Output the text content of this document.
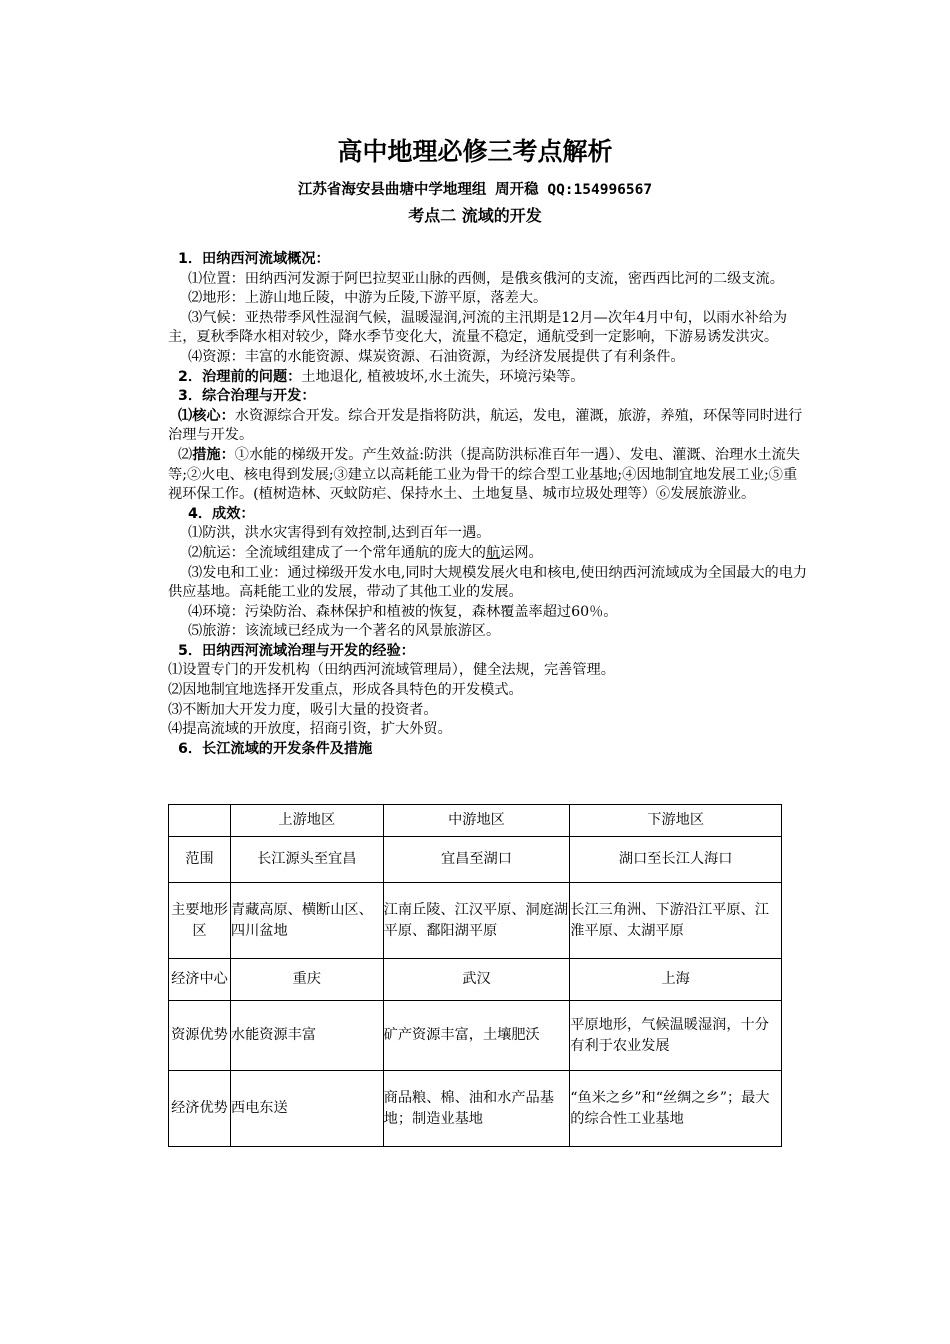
高中地理必修三考点解析
江苏省海安县曲塘中学地理组 周开稳 QQ:154996567
考点二 流域的开发

1．田纳西河流域概况：

⑴位置：田纳西河发源于阿巴拉契亚山脉的西侧，是俄亥俄河的支流，密西西比河的二级支流。

⑵地形：上游山地丘陵，中游为丘陵,下游平原，落差大。

⑶气候：亚热带季风性湿润气候，温暖湿润,河流的主汛期是12月—次年4月中旬，以雨水补给为主，夏秋季降水相对较少，降水季节变化大，流量不稳定，通航受到一定影响，下游易诱发洪灾。

⑷资源：丰富的水能资源、煤炭资源、石油资源，为经济发展提供了有利条件。

2．治理前的问题：土地退化, 植被坡坏,水土流失，环境污染等。

3．综合治理与开发：

⑴核心：水资源综合开发。综合开发是指将防洪，航运，发电，灌溉，旅游，养殖，环保等同时进行治理与开发。

⑵措施：①水能的梯级开发。产生效益:防洪（提高防洪标准百年一遇）、发电、灌溉、治理水土流失等;②火电、核电得到发展;③建立以高耗能工业为骨干的综合型工业基地;④因地制宜地发展工业;⑤重视环保工作。(植树造林、灭蚊防疟、保持水土、土地复垦、城市垃圾处理等）⑥发展旅游业。

4．成效：

⑴防洪，洪水灾害得到有效控制,达到百年一遇。

⑵航运：全流域组建成了一个常年通航的庞大的航运网。

⑶发电和工业：通过梯级开发水电,同时大规模发展火电和核电,使田纳西河流域成为全国最大的电力供应基地。高耗能工业的发展，带动了其他工业的发展。

⑷环境：污染防治、森林保护和植被的恢复，森林覆盖率超过60％。

⑸旅游：该流域已经成为一个著名的风景旅游区。

5．田纳西河流域治理与开发的经验：

⑴设置专门的开发机构（田纳西河流域管理局），健全法规，完善管理。

⑵因地制宜地选择开发重点，形成各具特色的开发模式。

⑶不断加大开发力度，吸引大量的投资者。

⑷提高流域的开放度，招商引资，扩大外贸。

6．长江流域的开发条件及措施

	上游地区	中游地区	下游地区
范围	长江源头至宜昌	宜昌至湖口	湖口至长江人海口
主要地形区	青藏高原、横断山区、四川盆地	江南丘陵、江汉平原、洞庭湖平原、鄱阳湖平原	长江三角洲、下游沿江平原、江淮平原、太湖平原
经济中心	重庆	武汉	上海
资源优势	水能资源丰富	矿产资源丰富，土壤肥沃	平原地形，气候温暖湿润，十分有利于农业发展
经济优势	西电东送	商品粮、棉、油和水产品基地；制造业基地	“鱼米之乡”和“丝绸之乡”；最大的综合性工业基地
